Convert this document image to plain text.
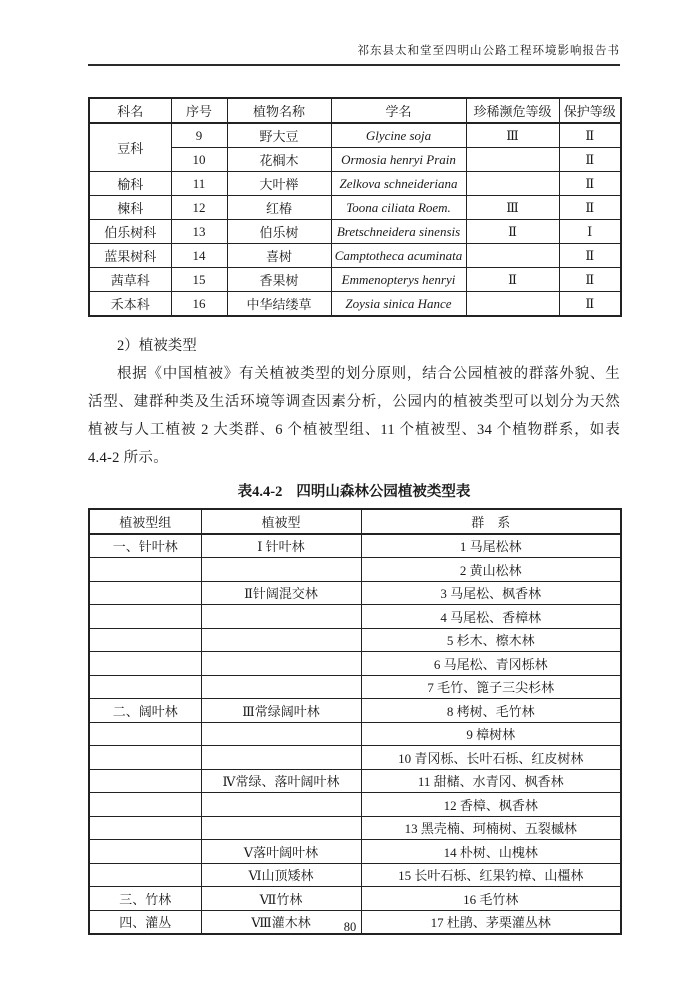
祁东县太和堂至四明山公路工程环境影响报告书
科名	序号	植物名称	学名	珍稀濒危等级	保护等级
豆科	9	野大豆	Glycine soja	Ⅲ	Ⅱ
	10	花榈木	Ormosia henryi Prain		Ⅱ
榆科	11	大叶榉	Zelkova schneideriana		Ⅱ
楝科	12	红椿	Toona ciliata Roem.	Ⅲ	Ⅱ
伯乐树科	13	伯乐树	Bretschneidera sinensis	Ⅱ	Ⅰ
蓝果树科	14	喜树	Camptotheca acuminata		Ⅱ
茜草科	15	香果树	Emmenopterys henryi	Ⅱ	Ⅱ
禾本科	16	中华结缕草	Zoysia sinica Hance		Ⅱ
2）植被类型

根据《中国植被》有关植被类型的划分原则，结合公园植被的群落外貌、生活型、建群种类及生活环境等调查因素分析，公园内的植被类型可以划分为天然植被与人工植被 2 大类群、6 个植被型组、11 个植被型、34 个植物群系，如表 4.4-2 所示。

表4.4-2 四明山森林公园植被类型表
植被型组	植被型	群　系
一、针叶林	Ⅰ 针叶林	1 马尾松林
		2 黄山松林
	Ⅱ针阔混交林	3 马尾松、枫香林
		4 马尾松、香樟林
		5 杉木、檫木林
		6 马尾松、青冈栎林
		7 毛竹、篦子三尖杉林
二、阔叶林	Ⅲ常绿阔叶林	8 栲树、毛竹林
		9 樟树林
		10 青冈栎、长叶石栎、红皮树林
	Ⅳ常绿、落叶阔叶林	11 甜槠、水青冈、枫香林
		12 香樟、枫香林
		13 黑壳楠、珂楠树、五裂槭林
	Ⅴ落叶阔叶林	14 朴树、山槐林
	Ⅵ山顶矮林	15 长叶石栎、红果钓樟、山橿林
三、竹林	Ⅶ竹林	16 毛竹林
四、灌丛	Ⅷ灌木林	17 杜鹃、茅栗灌丛林
80
